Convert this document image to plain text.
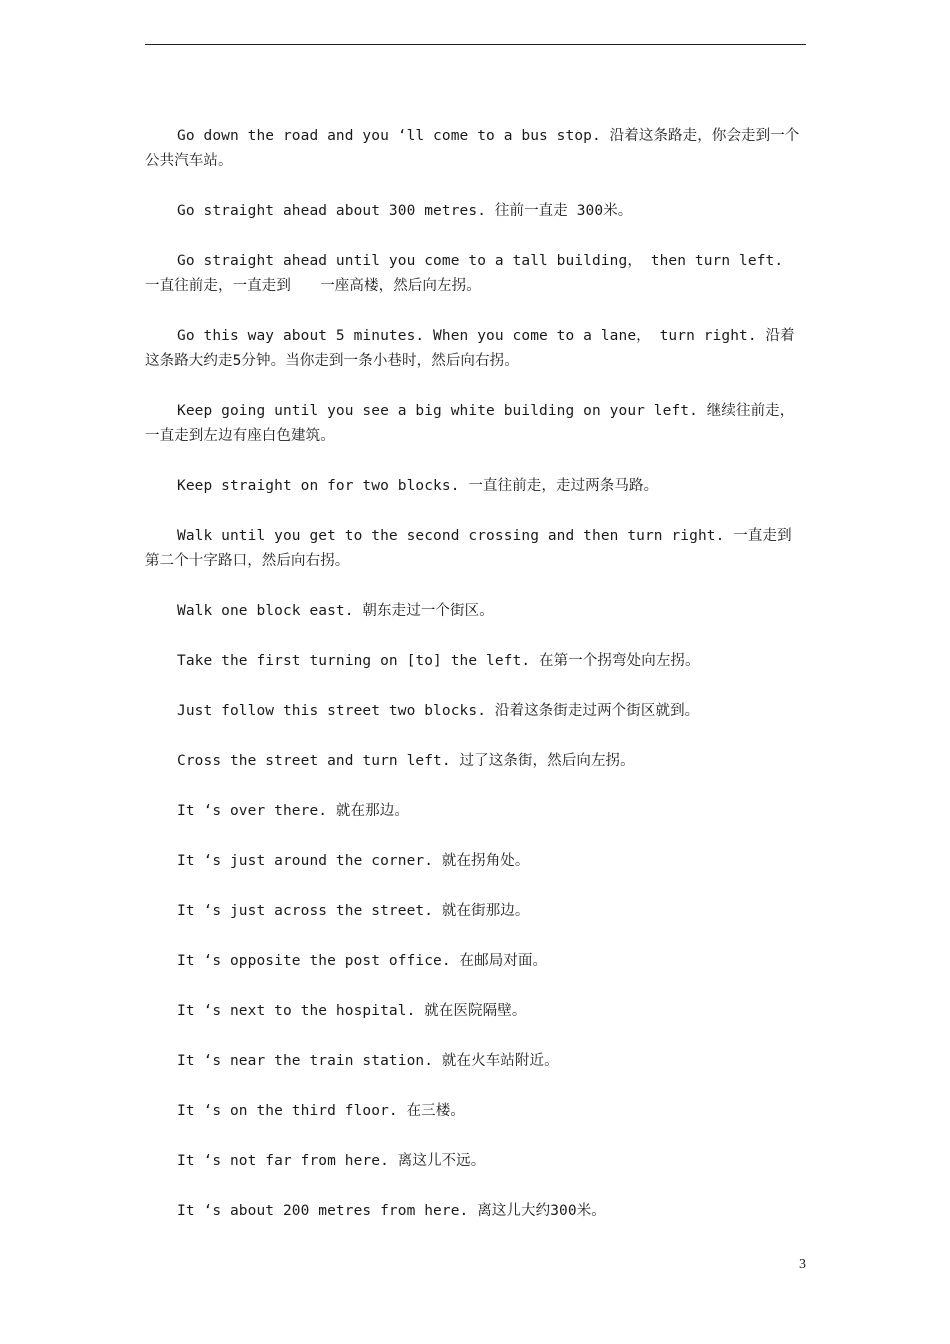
Go down the road and you ‘ll come to a bus stop. 沿着这条路走，你会走到一个公共汽车站。

Go straight ahead about 300 metres. 往前一直走 300米。

Go straight ahead until you come to a tall building， then turn left. 一直往前走，一直走到　　一座高楼，然后向左拐。

Go this way about 5 minutes. When you come to a lane， turn right. 沿着这条路大约走5分钟。当你走到一条小巷时，然后向右拐。

Keep going until you see a big white building on your left. 继续往前走，一直走到左边有座白色建筑。

Keep straight on for two blocks. 一直往前走，走过两条马路。

Walk until you get to the second crossing and then turn right. 一直走到第二个十字路口，然后向右拐。

Walk one block east. 朝东走过一个街区。

Take the first turning on [to] the left. 在第一个拐弯处向左拐。

Just follow this street two blocks. 沿着这条街走过两个街区就到。

Cross the street and turn left. 过了这条街，然后向左拐。

It ‘s over there. 就在那边。

It ‘s just around the corner. 就在拐角处。

It ‘s just across the street. 就在街那边。

It ‘s opposite the post office. 在邮局对面。

It ‘s next to the hospital. 就在医院隔壁。

It ‘s near the train station. 就在火车站附近。

It ‘s on the third floor. 在三楼。

It ‘s not far from here. 离这儿不远。

It ‘s about 200 metres from here. 离这儿大约300米。

3
